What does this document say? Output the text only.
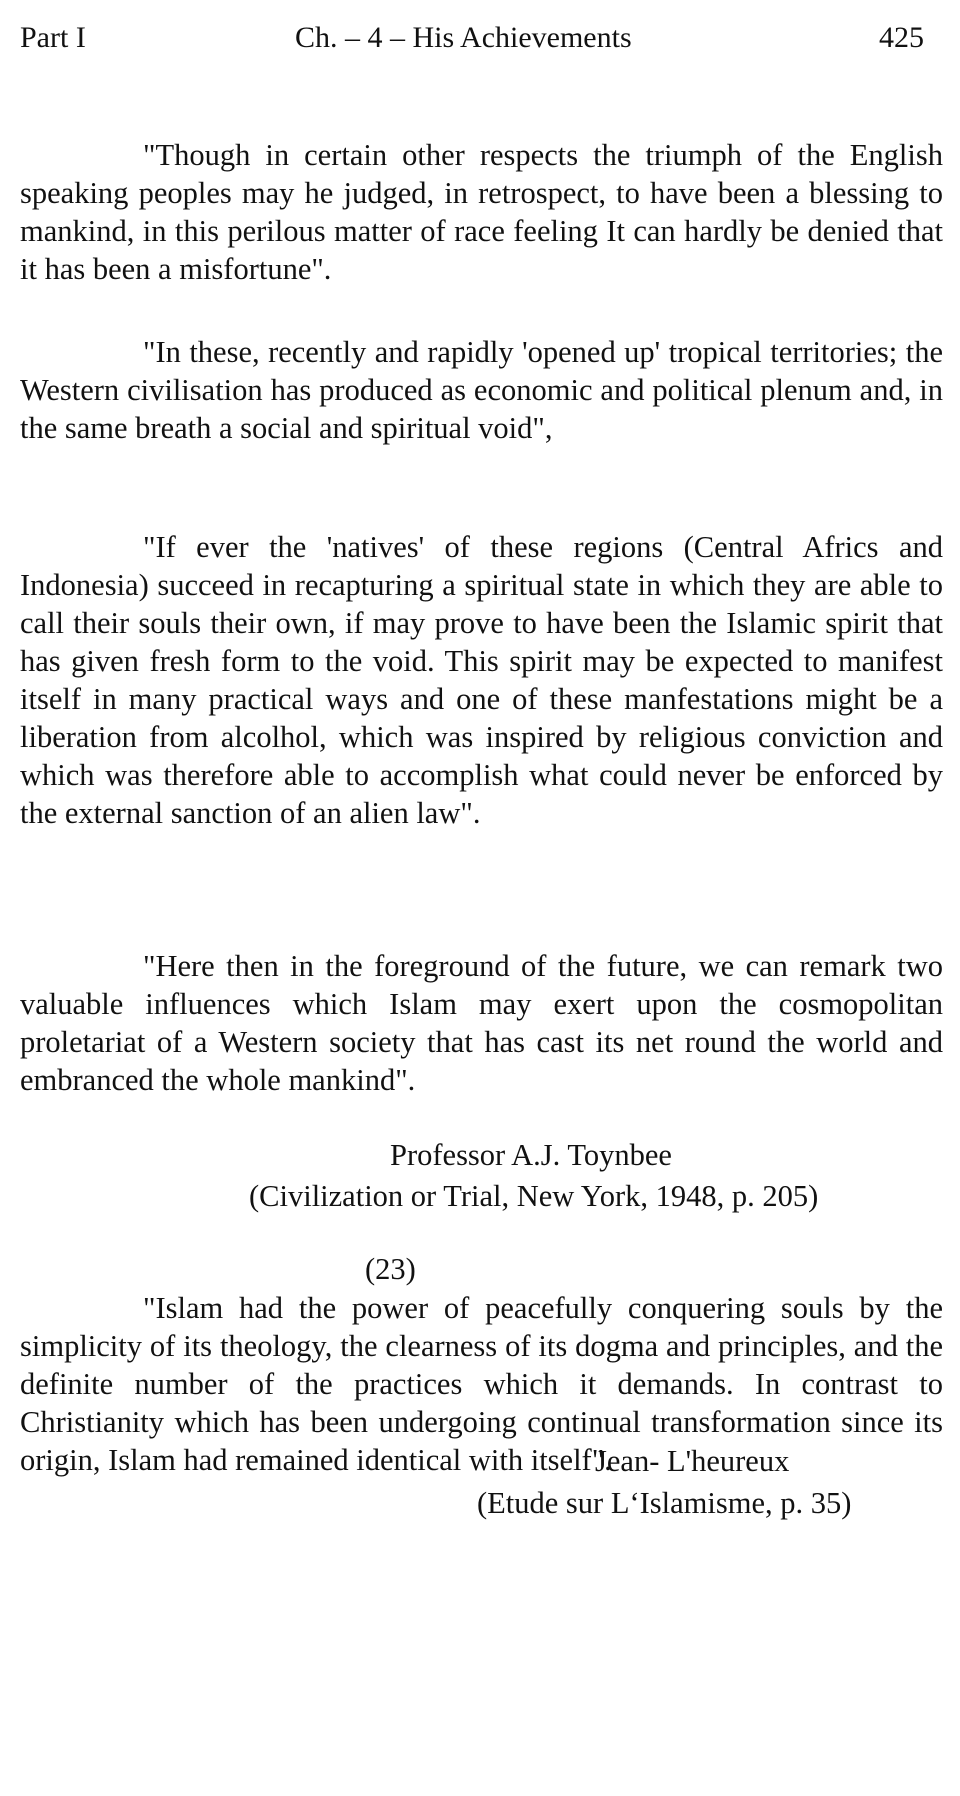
Part I	Ch. – 4 – His Achievements	425

"Though in certain other respects the triumph of the English speaking peoples may he judged, in retrospect, to have been a blessing to mankind, in this perilous matter of race feeling It can hardly be denied that it has been a misfortune".

"In these, recently and rapidly 'opened up' tropical territories; the Western civilisation has produced as economic and political plenum and, in the same breath a social and spiritual void",

"If ever the 'natives' of these regions (Central Africs and Indonesia) succeed in recapturing a spiritual state in which they are able to call their souls their own, if may prove to have been the Islamic spirit that has given fresh form to the void. This spirit may be expected to manifest itself in many practical ways and one of these manfestations might be a liberation from alcolhol, which was inspired by religious conviction and which was therefore able to accomplish what could never be enforced by the external sanction of an alien law".

"Here then in the foreground of the future, we can remark two valuable influences which Islam may exert upon the cosmopolitan proletariat of a Western society that has cast its net round the world and embranced the whole mankind".

Professor A.J. Toynbee
(Civilization or Trial, New York, 1948, p. 205)
(23)

"Islam had the power of peacefully conquering souls by the simplicity of its theology, the clearness of its dogma and principles, and the definite number of the practices which it demands. In contrast to Christianity which has been undergoing continual transformation since its origin, Islam had remained identical with itself".

Jean- L'heureux
(Etude sur L‘Islamisme, p. 35)
